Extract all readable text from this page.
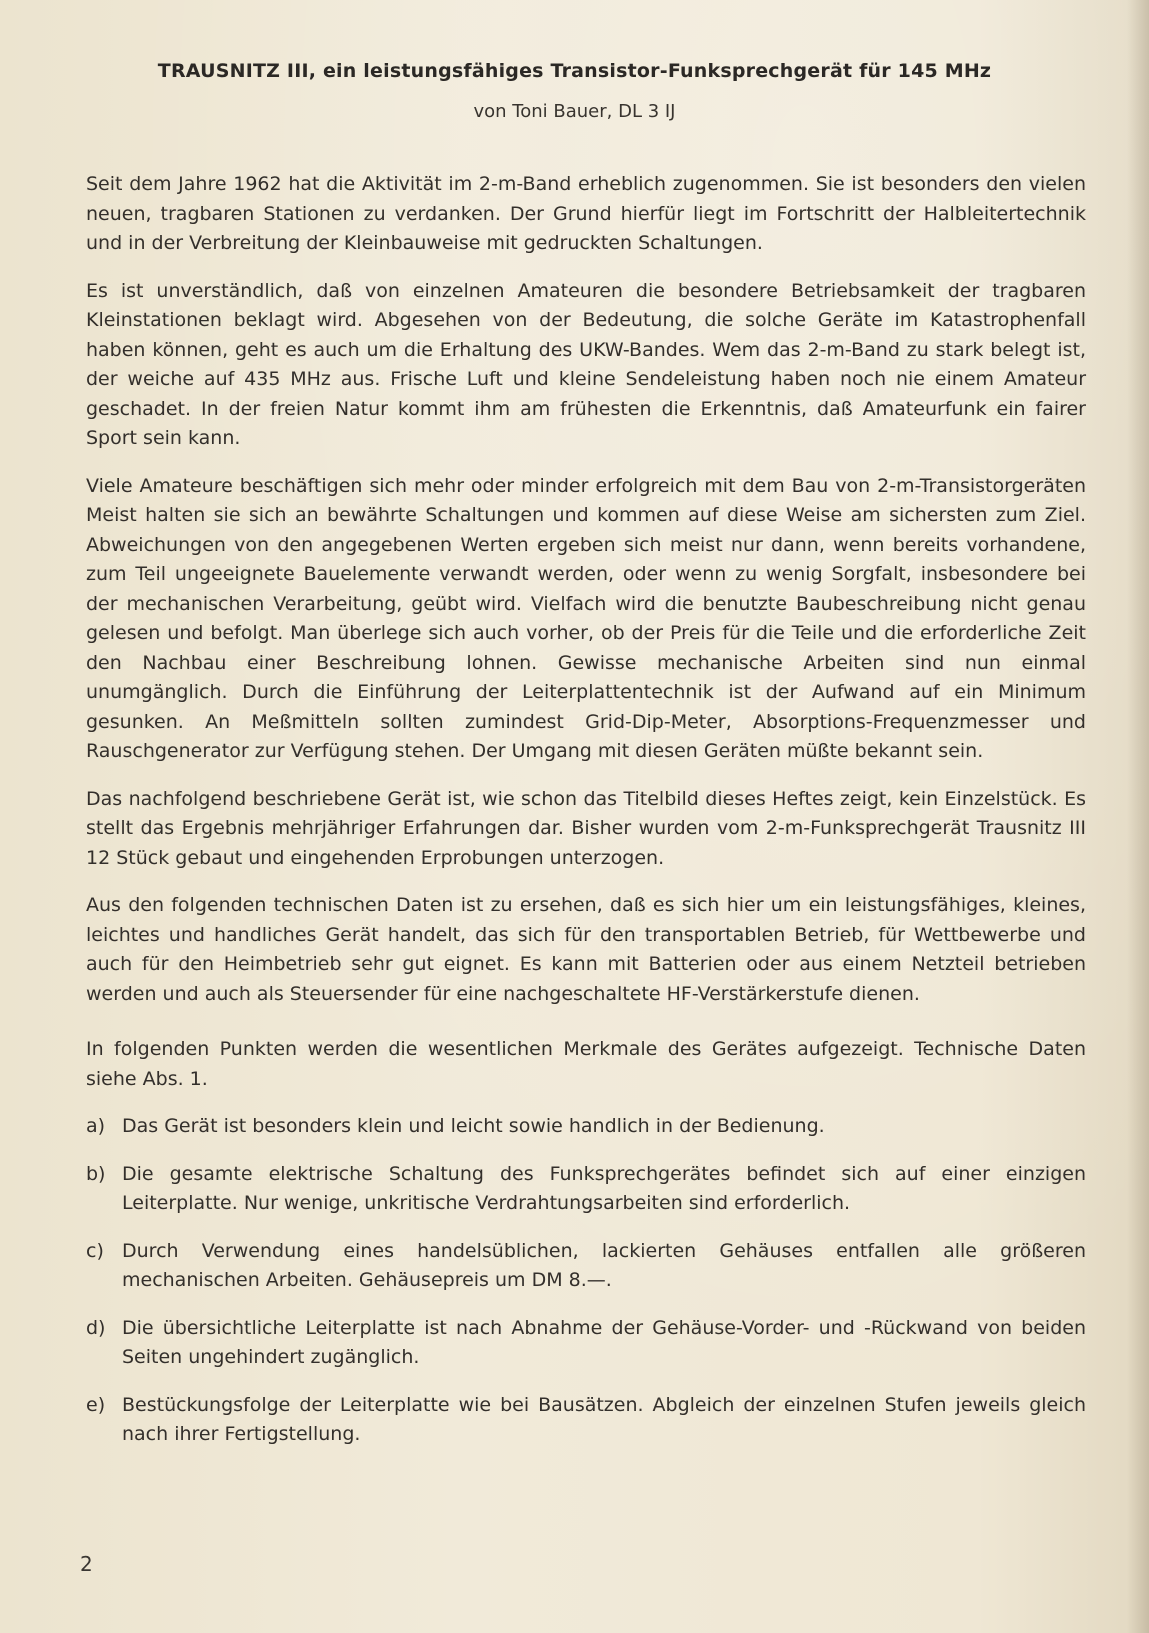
TRAUSNITZ III, ein leistungsfähiges Transistor-Funksprechgerät für 145 MHz
von Toni Bauer, DL 3 IJ

Seit dem Jahre 1962 hat die Aktivität im 2-m-Band erheblich zugenommen. Sie ist besonders den vielen neuen, tragbaren Stationen zu verdanken. Der Grund hierfür liegt im Fortschritt der Halbleitertechnik und in der Verbreitung der Kleinbauweise mit gedruckten Schaltungen.

Es ist unverständlich, daß von einzelnen Amateuren die besondere Betriebsamkeit der tragbaren Kleinstationen beklagt wird. Abgesehen von der Bedeutung, die solche Geräte im Katastrophenfall haben können, geht es auch um die Erhaltung des UKW-Bandes. Wem das 2-m-Band zu stark belegt ist, der weiche auf 435 MHz aus. Frische Luft und kleine Sendeleistung haben noch nie einem Amateur geschadet. In der freien Natur kommt ihm am frühesten die Erkenntnis, daß Amateurfunk ein fairer Sport sein kann.

Viele Amateure beschäftigen sich mehr oder minder erfolgreich mit dem Bau von 2-m-Transistorgeräten Meist halten sie sich an bewährte Schaltungen und kommen auf diese Weise am sichersten zum Ziel. Abweichungen von den angegebenen Werten ergeben sich meist nur dann, wenn bereits vorhandene, zum Teil ungeeignete Bauelemente verwandt werden, oder wenn zu wenig Sorgfalt, insbesondere bei der mechanischen Verarbeitung, geübt wird. Vielfach wird die benutzte Baubeschreibung nicht genau gelesen und befolgt. Man überlege sich auch vorher, ob der Preis für die Teile und die erforderliche Zeit den Nachbau einer Beschreibung lohnen. Gewisse mechanische Arbeiten sind nun einmal unumgänglich. Durch die Einführung der Leiterplattentechnik ist der Aufwand auf ein Minimum gesunken. An Meßmitteln sollten zumindest Grid-Dip-Meter, Absorptions-Frequenzmesser und Rauschgenerator zur Verfügung stehen. Der Umgang mit diesen Geräten müßte bekannt sein.

Das nachfolgend beschriebene Gerät ist, wie schon das Titelbild dieses Heftes zeigt, kein Einzelstück. Es stellt das Ergebnis mehrjähriger Erfahrungen dar. Bisher wurden vom 2-m-Funksprechgerät Trausnitz III 12 Stück gebaut und eingehenden Erprobungen unterzogen.

Aus den folgenden technischen Daten ist zu ersehen, daß es sich hier um ein leistungsfähiges, kleines, leichtes und handliches Gerät handelt, das sich für den transportablen Betrieb, für Wettbewerbe und auch für den Heimbetrieb sehr gut eignet. Es kann mit Batterien oder aus einem Netzteil betrieben werden und auch als Steuersender für eine nachgeschaltete HF-Verstärkerstufe dienen.

In folgenden Punkten werden die wesentlichen Merkmale des Gerätes aufgezeigt. Technische Daten siehe Abs. 1.

a) Das Gerät ist besonders klein und leicht sowie handlich in der Bedienung.
b) Die gesamte elektrische Schaltung des Funksprechgerätes befindet sich auf einer einzigen Leiterplatte. Nur wenige, unkritische Verdrahtungsarbeiten sind erforderlich.
c) Durch Verwendung eines handelsüblichen, lackierten Gehäuses entfallen alle größeren mechanischen Arbeiten. Gehäusepreis um DM 8.—.
d) Die übersichtliche Leiterplatte ist nach Abnahme der Gehäuse-Vorder- und -Rückwand von beiden Seiten ungehindert zugänglich.
e) Bestückungsfolge der Leiterplatte wie bei Bausätzen. Abgleich der einzelnen Stufen jeweils gleich nach ihrer Fertigstellung.
2
